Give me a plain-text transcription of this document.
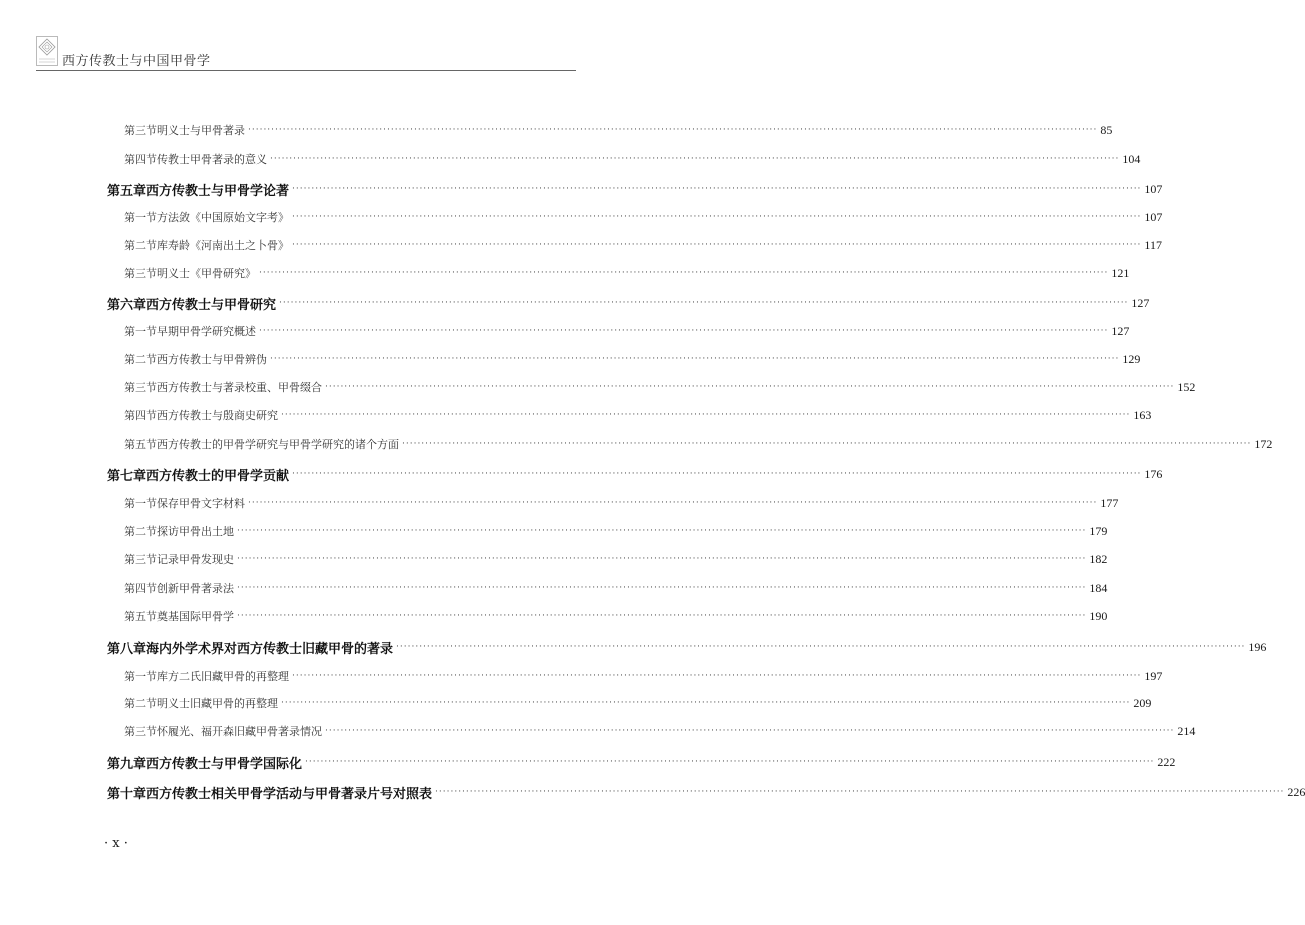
西方传教士与中国甲骨学
第三节 明义士与甲骨著录 ···························································································································································································································· 85
第四节 传教士甲骨著录的意义 ···························································································································································································································· 104
第五章 西方传教士与甲骨学论著 ···························································································································································································································· 107
第一节 方法敛《中国原始文字考》 ···························································································································································································································· 107
第二节 库寿龄《河南出土之卜骨》 ···························································································································································································································· 117
第三节 明义士《甲骨研究》 ···························································································································································································································· 121
第六章 西方传教士与甲骨研究 ···························································································································································································································· 127
第一节 早期甲骨学研究概述 ···························································································································································································································· 127
第二节 西方传教士与甲骨辨伪 ···························································································································································································································· 129
第三节 西方传教士与著录校重、甲骨缀合 ···························································································································································································································· 152
第四节 西方传教士与殷商史研究 ···························································································································································································································· 163
第五节 西方传教士的甲骨学研究与甲骨学研究的诸个方面 ···························································································································································································································· 172
第七章 西方传教士的甲骨学贡献 ···························································································································································································································· 176
第一节 保存甲骨文字材料 ···························································································································································································································· 177
第二节 探访甲骨出土地 ···························································································································································································································· 179
第三节 记录甲骨发现史 ···························································································································································································································· 182
第四节 创新甲骨著录法 ···························································································································································································································· 184
第五节 奠基国际甲骨学 ···························································································································································································································· 190
第八章 海内外学术界对西方传教士旧藏甲骨的著录 ···························································································································································································································· 196
第一节 库方二氏旧藏甲骨的再整理 ···························································································································································································································· 197
第二节 明义士旧藏甲骨的再整理 ···························································································································································································································· 209
第三节 怀履光、福开森旧藏甲骨著录情况 ···························································································································································································································· 214
第九章 西方传教士与甲骨学国际化 ···························································································································································································································· 222
第十章 西方传教士相关甲骨学活动与甲骨著录片号对照表 ···························································································································································································································· 226
· x ·
